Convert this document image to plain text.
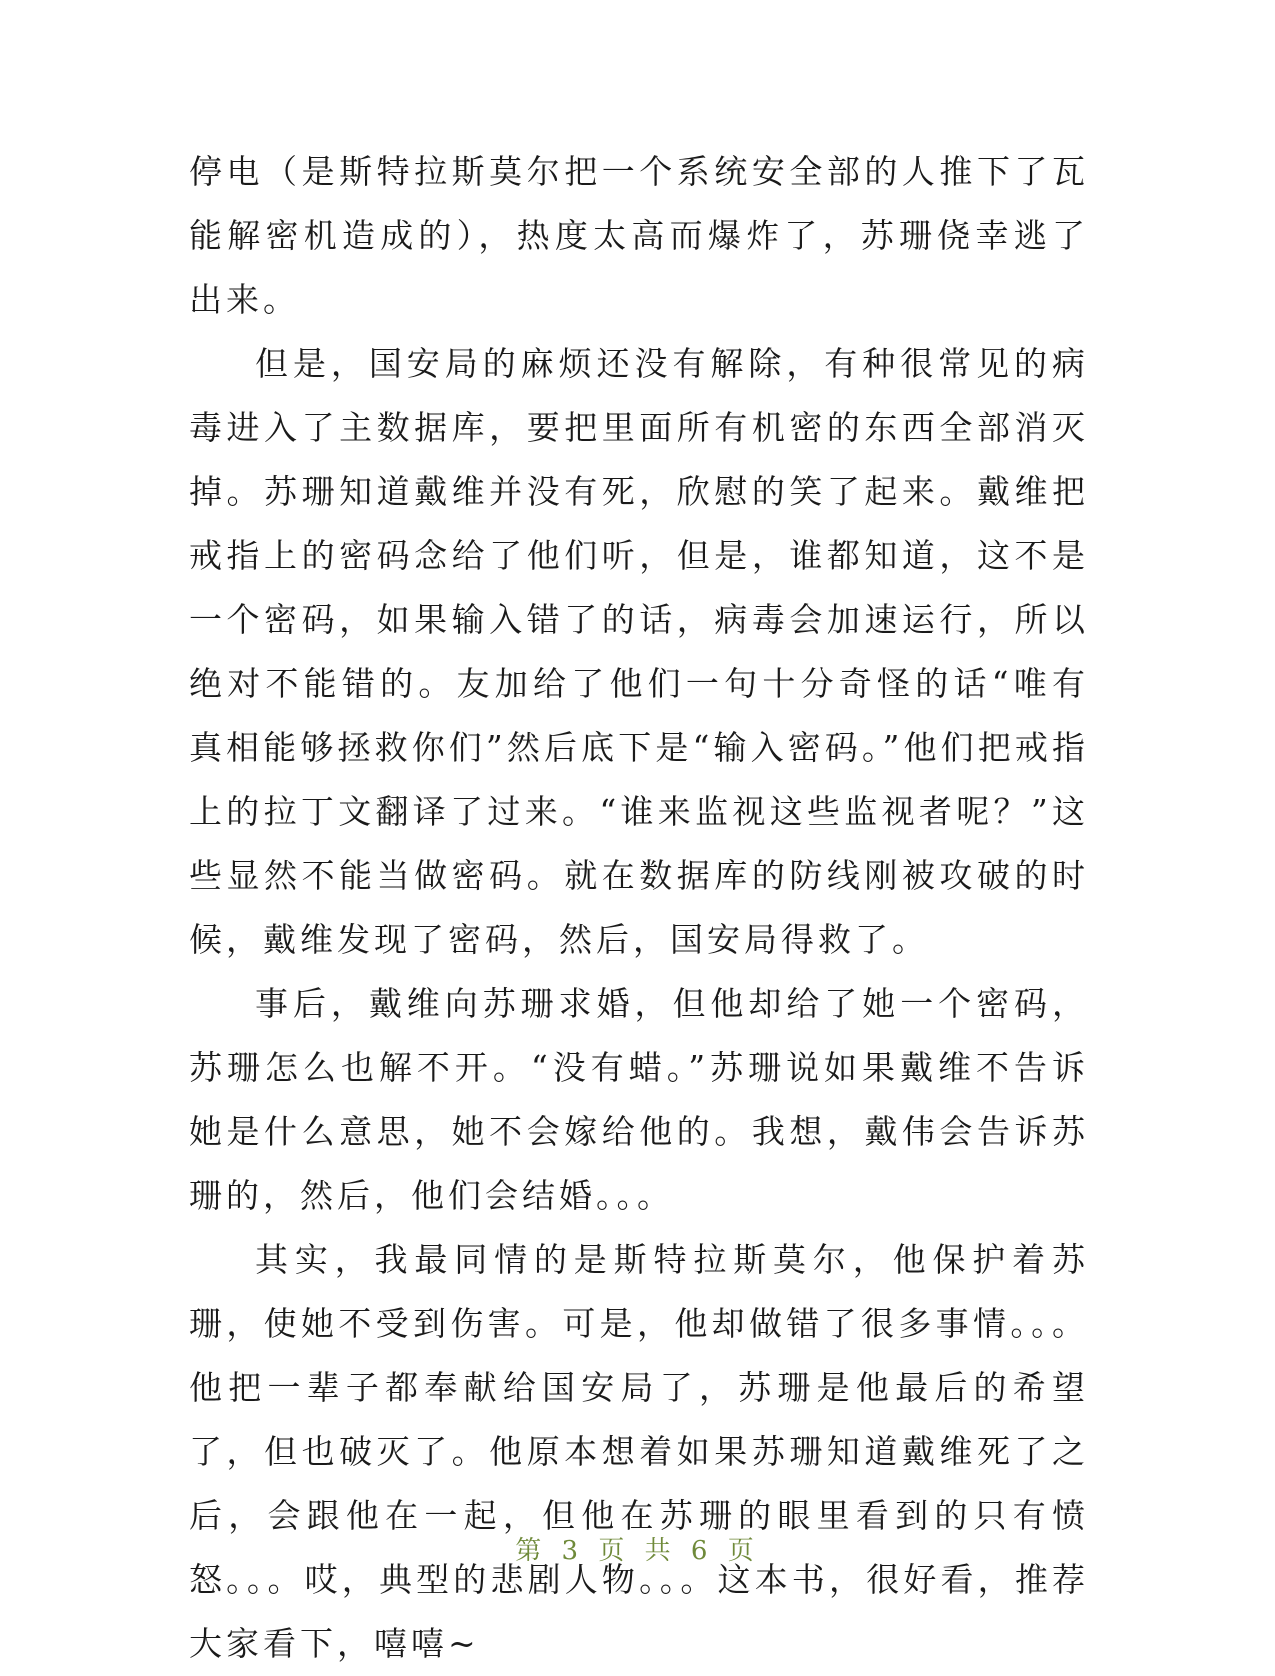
停电（是斯特拉斯莫尔把一个系统安全部的人推下了瓦能解密机造成的），热度太高而爆炸了，苏珊侥幸逃了出来。

但是，国安局的麻烦还没有解除，有种很常见的病毒进入了主数据库，要把里面所有机密的东西全部消灭掉。苏珊知道戴维并没有死，欣慰的笑了起来。戴维把戒指上的密码念给了他们听，但是，谁都知道，这不是一个密码，如果输入错了的话，病毒会加速运行，所以绝对不能错的。友加给了他们一句十分奇怪的话“唯有真相能够拯救你们”然后底下是“输入密码。”他们把戒指上的拉丁文翻译了过来。“谁来监视这些监视者呢？”这些显然不能当做密码。就在数据库的防线刚被攻破的时候，戴维发现了密码，然后，国安局得救了。

事后，戴维向苏珊求婚，但他却给了她一个密码，苏珊怎么也解不开。“没有蜡。”苏珊说如果戴维不告诉她是什么意思，她不会嫁给他的。我想，戴伟会告诉苏珊的，然后，他们会结婚。。。

其实，我最同情的是斯特拉斯莫尔，他保护着苏珊，使她不受到伤害。可是，他却做错了很多事情。。。他把一辈子都奉献给国安局了，苏珊是他最后的希望了，但也破灭了。他原本想着如果苏珊知道戴维死了之后，会跟他在一起，但他在苏珊的眼里看到的只有愤怒。。。哎，典型的悲剧人物。。。这本书，很好看，推荐大家看下，嘻嘻~

第 3 页 共 6 页
